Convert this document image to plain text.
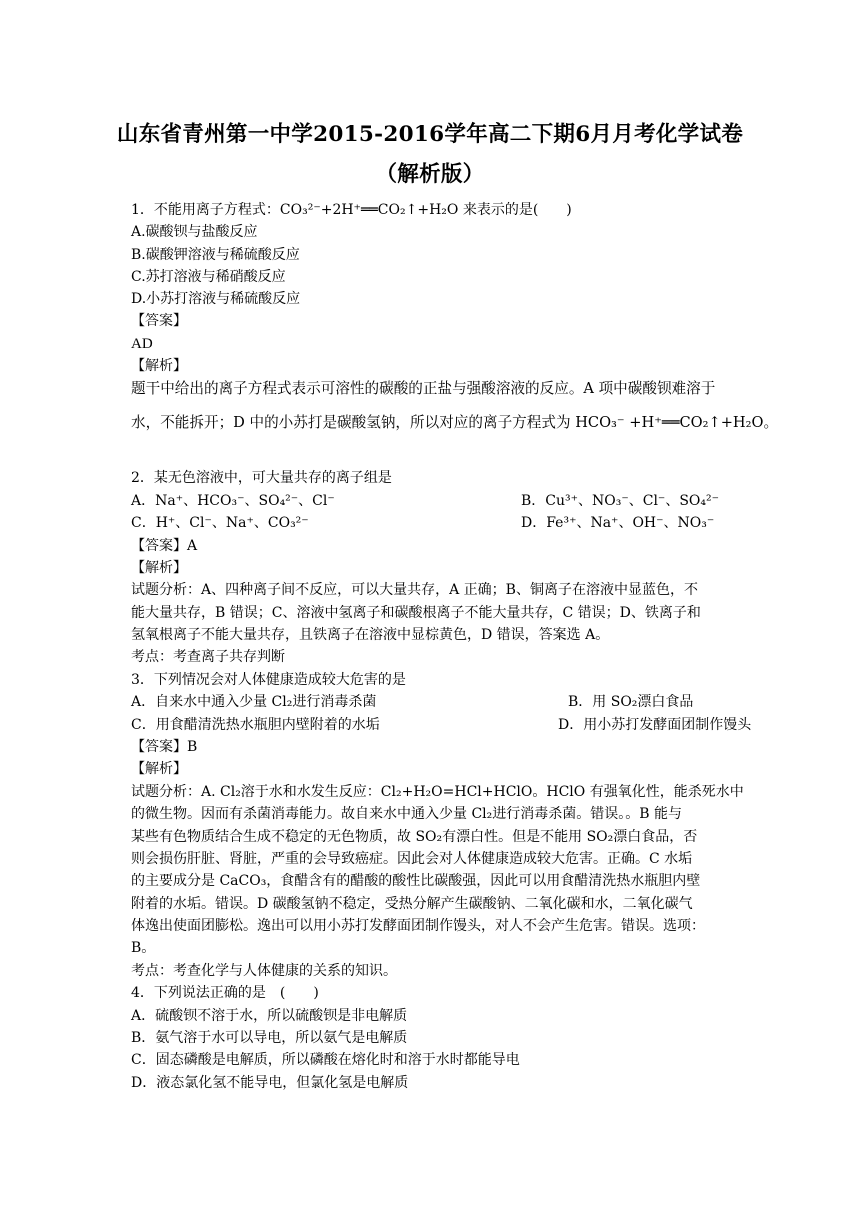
山东省青州第一中学2015-2016学年高二下期6月月考化学试卷
（解析版）
1．不能用离子方程式：CO₃²⁻+2H⁺══CO₂↑+H₂O 来表示的是(　　)
A.碳酸钡与盐酸反应
B.碳酸钾溶液与稀硫酸反应
C.苏打溶液与稀硝酸反应
D.小苏打溶液与稀硫酸反应
【答案】
AD
【解析】
题干中给出的离子方程式表示可溶性的碳酸的正盐与强酸溶液的反应。A 项中碳酸钡难溶于
水，不能拆开；D 中的小苏打是碳酸氢钠，所以对应的离子方程式为 HCO₃⁻ +H⁺══CO₂↑+H₂O。
2．某无色溶液中，可大量共存的离子组是
A．Na⁺、HCO₃⁻、SO₄²⁻、Cl⁻	B．Cu³⁺、NO₃⁻、Cl⁻、SO₄²⁻
C．H⁺、Cl⁻、Na⁺、CO₃²⁻	D．Fe³⁺、Na⁺、OH⁻、NO₃⁻
【答案】A
【解析】
试题分析：A、四种离子间不反应，可以大量共存，A 正确；B、铜离子在溶液中显蓝色，不
能大量共存，B 错误；C、溶液中氢离子和碳酸根离子不能大量共存，C 错误；D、铁离子和
氢氧根离子不能大量共存，且铁离子在溶液中显棕黄色，D 错误，答案选 A。
考点：考查离子共存判断
3．下列情况会对人体健康造成较大危害的是
A．自来水中通入少量 Cl₂进行消毒杀菌	B．用 SO₂漂白食品
C．用食醋清洗热水瓶胆内壁附着的水垢	D．用小苏打发酵面团制作馒头
【答案】B
【解析】
试题分析：A. Cl₂溶于水和水发生反应：Cl₂+H₂O=HCl+HClO。HClO 有强氧化性，能杀死水中
的微生物。因而有杀菌消毒能力。故自来水中通入少量 Cl₂进行消毒杀菌。错误。。B 能与
某些有色物质结合生成不稳定的无色物质，故 SO₂有漂白性。但是不能用 SO₂漂白食品，否
则会损伤肝脏、肾脏，严重的会导致癌症。因此会对人体健康造成较大危害。正确。C 水垢
的主要成分是 CaCO₃，食醋含有的醋酸的酸性比碳酸强，因此可以用食醋清洗热水瓶胆内壁
附着的水垢。错误。D 碳酸氢钠不稳定，受热分解产生碳酸钠、二氧化碳和水，二氧化碳气
体逸出使面团膨松。逸出可以用小苏打发酵面团制作馒头，对人不会产生危害。错误。选项：
B。
考点：考查化学与人体健康的关系的知识。
4．下列说法正确的是　(　　)
A．硫酸钡不溶于水，所以硫酸钡是非电解质
B．氨气溶于水可以导电，所以氨气是电解质
C．固态磷酸是电解质，所以磷酸在熔化时和溶于水时都能导电
D．液态氯化氢不能导电，但氯化氢是电解质
